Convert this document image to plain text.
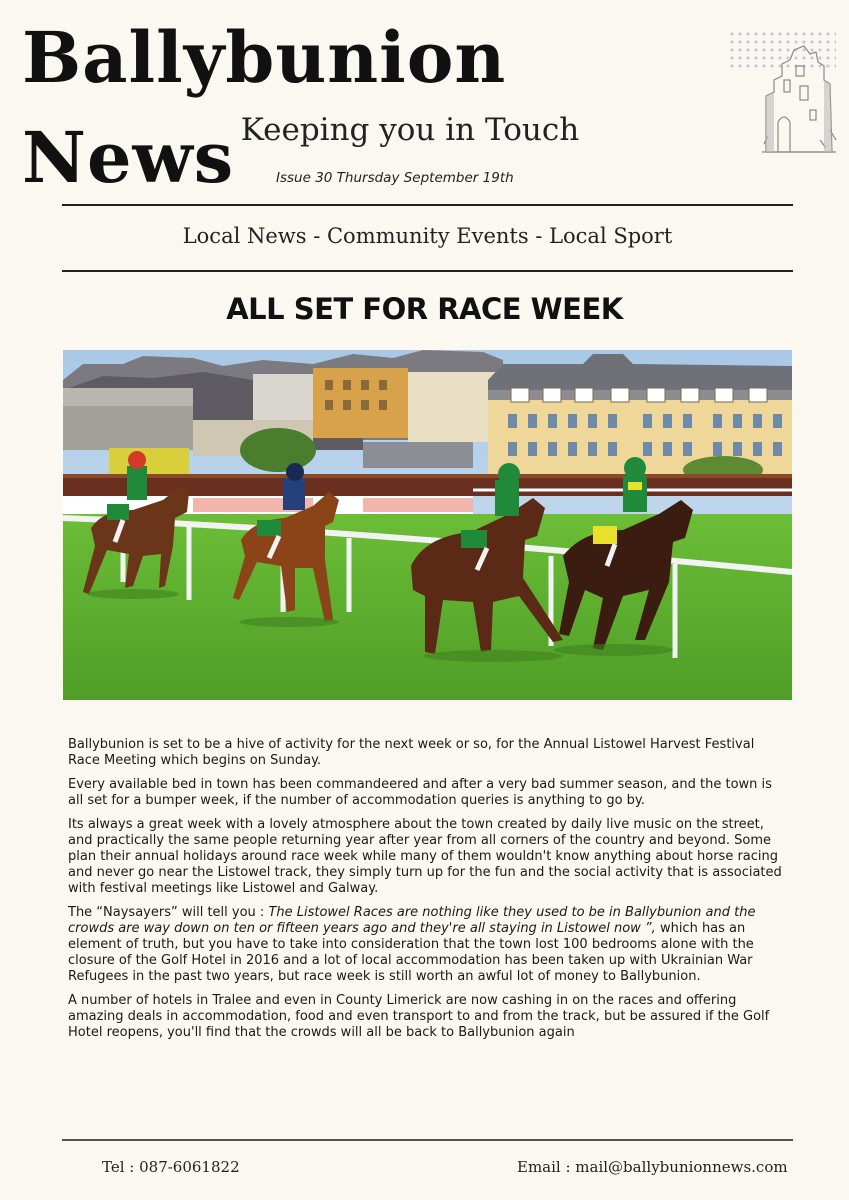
Ballybunion News Keeping you in Touch
Issue 30 Thursday September 19th
Local News - Community Events - Local Sport
ALL SET FOR RACE WEEK

Ballybunion is set to be a hive of activity for the next week or so, for the Annual Listowel Harvest Festival Race Meeting which begins on Sunday.

Every available bed in town has been commandeered and after a very bad summer season, and the town is all set for a bumper week, if the number of accommodation queries is anything to go by.

Its always a great week with a lovely atmosphere about the town created by daily live music on the street, and practically the same people returning year after year from all corners of the country and beyond. Some plan their annual holidays around race week while many of them wouldn't know anything about horse racing and never go near the Listowel track, they simply turn up for the fun and the social activity that is associated with festival meetings like Listowel and Galway.

The “Naysayers” will tell you : The Listowel Races are nothing like they used to be in Ballybunion and the crowds are way down on ten or fifteen years ago and they're all staying in Listowel now ”, which has an element of truth, but you have to take into consideration that the town lost 100 bedrooms alone with the closure of the Golf Hotel in 2016 and a lot of local accommodation has been taken up with Ukrainian War Refugees in the past two years, but race week is still worth an awful lot of money to Ballybunion.

A number of hotels in Tralee and even in County Limerick are now cashing in on the races and offering amazing deals in accommodation, food and even transport to and from the track, but be assured if the Golf Hotel reopens, you'll find that the crowds will all be back to Ballybunion again

Tel : 087-6061822	Email : mail@ballybunionnews.com
